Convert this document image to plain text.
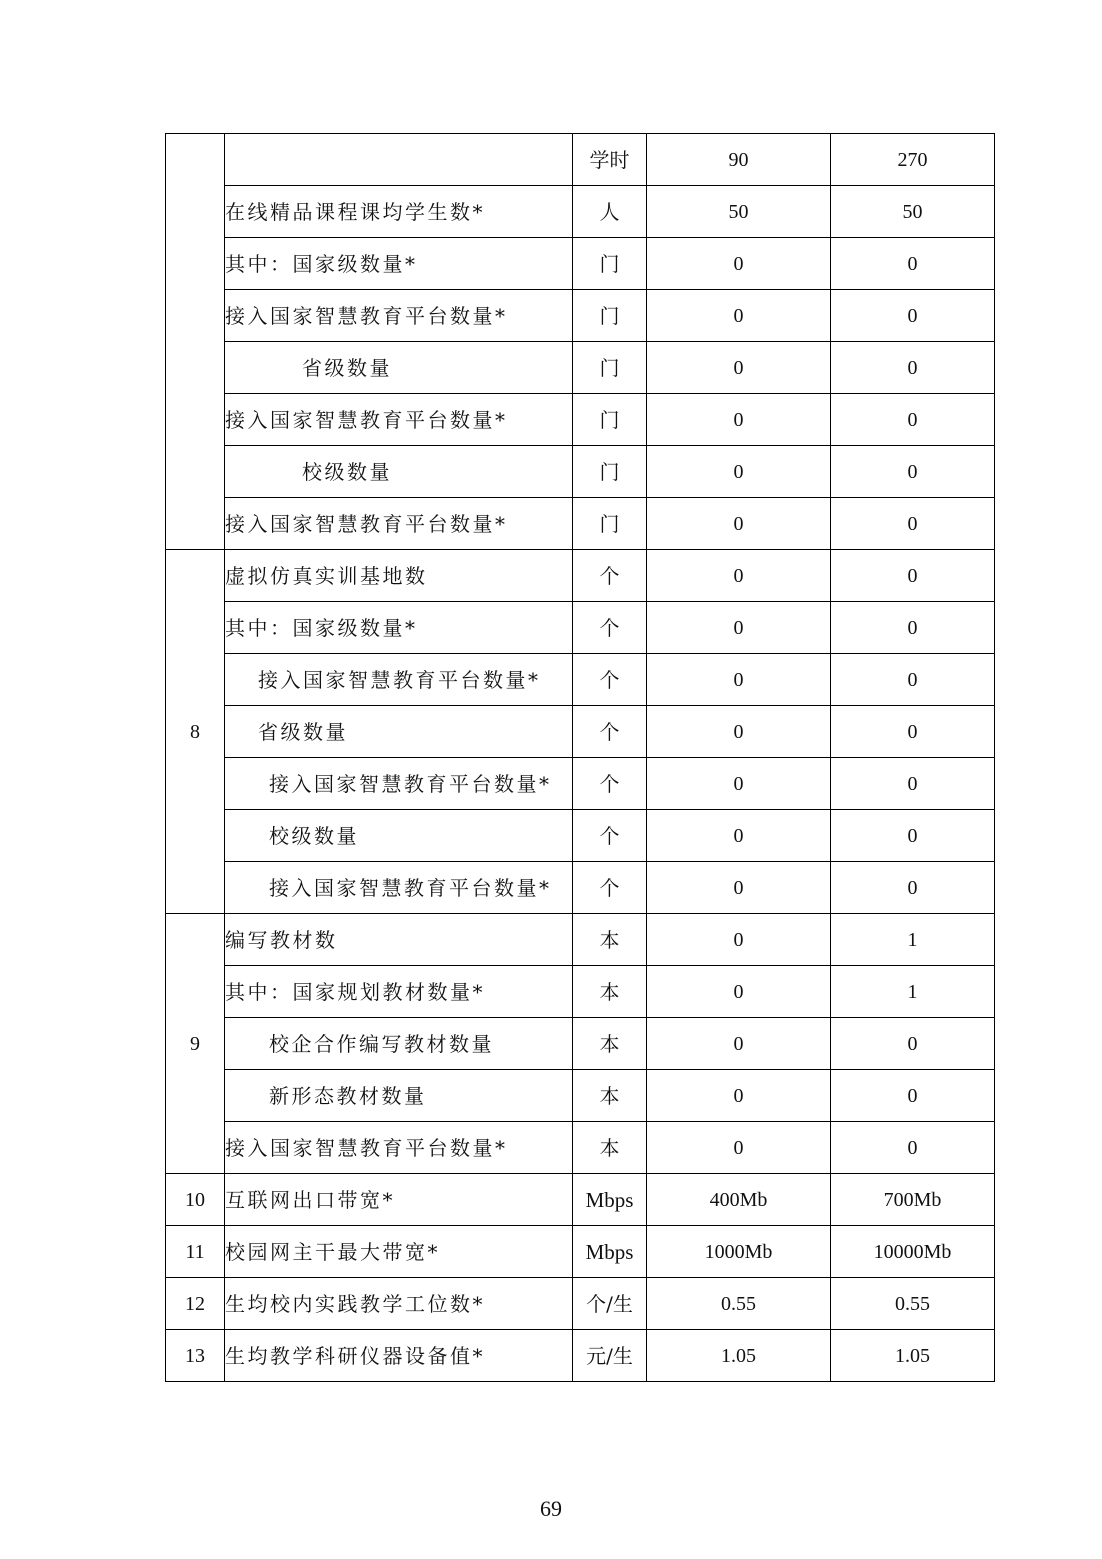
		学时	90	270
	在线精品课程课均学生数*	人	50	50
	其中：国家级数量*	门	0	0
	接入国家智慧教育平台数量*	门	0	0
	省级数量	门	0	0
	接入国家智慧教育平台数量*	门	0	0
	校级数量	门	0	0
	接入国家智慧教育平台数量*	门	0	0
8	虚拟仿真实训基地数	个	0	0
	其中：国家级数量*	个	0	0
	接入国家智慧教育平台数量*	个	0	0
	省级数量	个	0	0
	接入国家智慧教育平台数量*	个	0	0
	校级数量	个	0	0
	接入国家智慧教育平台数量*	个	0	0
9	编写教材数	本	0	1
	其中：国家规划教材数量*	本	0	1
	校企合作编写教材数量	本	0	0
	新形态教材数量	本	0	0
	接入国家智慧教育平台数量*	本	0	0
10	互联网出口带宽*	Mbps	400Mb	700Mb
11	校园网主干最大带宽*	Mbps	1000Mb	10000Mb
12	生均校内实践教学工位数*	个/生	0.55	0.55
13	生均教学科研仪器设备值*	元/生	1.05	1.05
69
